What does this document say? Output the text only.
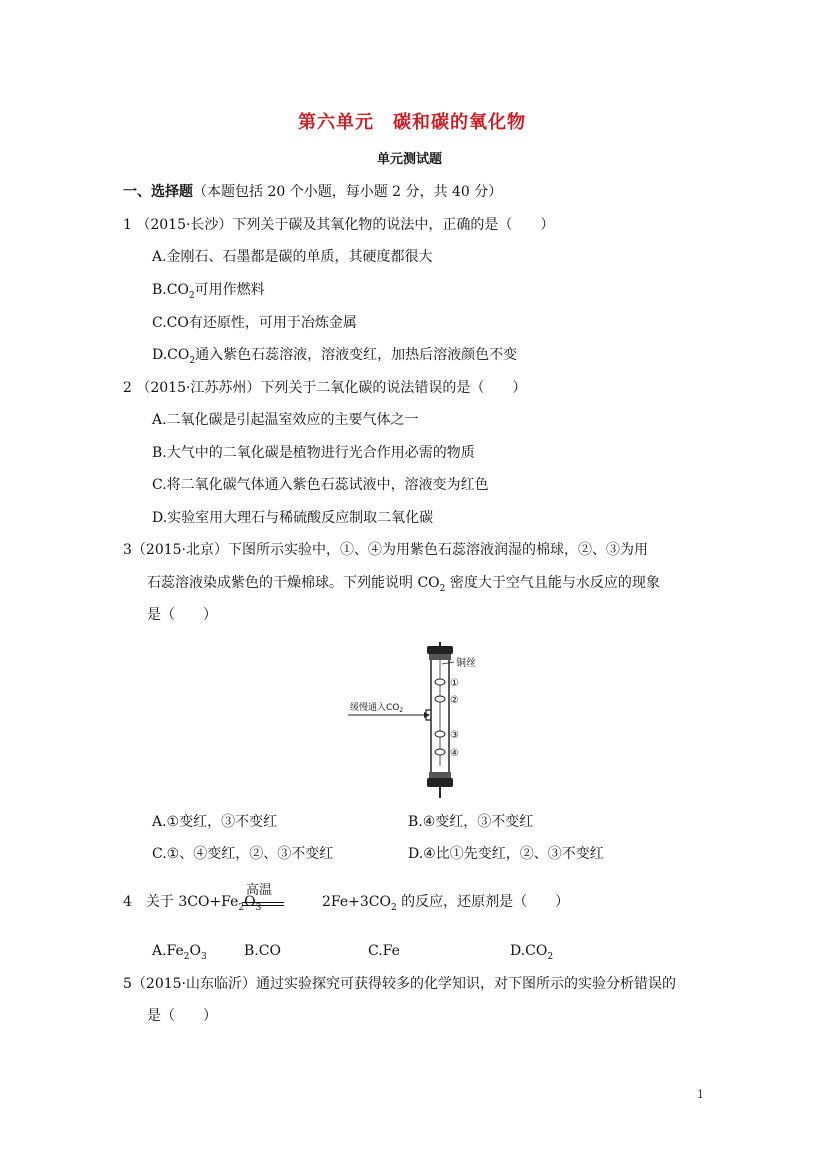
第六单元　碳和碳的氧化物
单元测试题
一、选择题（本题包括 20 个小题，每小题 2 分，共 40 分）
1 （2015·长沙）下列关于碳及其氧化物的说法中，正确的是（　　）
A.金刚石、石墨都是碳的单质，其硬度都很大
$B.CO_2$可用作燃料
C.CO有还原性，可用于冶炼金属
$D.CO_2$通入紫色石蕊溶液，溶液变红，加热后溶液颜色不变
2 （2015·江苏苏州）下列关于二氧化碳的说法错误的是（　　）
A.二氧化碳是引起温室效应的主要气体之一
B.大气中的二氧化碳是植物进行光合作用必需的物质
C.将二氧化碳气体通入紫色石蕊试液中，溶液变为红色
D.实验室用大理石与稀硫酸反应制取二氧化碳
3（2015·北京）下图所示实验中，①、④为用紫色石蕊溶液润湿的棉球，②、③为用
石蕊溶液染成紫色的干燥棉球。下列能说明 $CO_2$ 密度大于空气且能与水反应的现象
是（　　）
铜丝
①
②
③
④
缓慢通入$CO_2$
A.①变红，③不变红	B.④变红，③不变红
C.①、④变红，②、③不变红	D.④比①先变红，②、③不变红
4　关于 $3CO+Fe_2O_3$
高温
$2Fe+3CO_2$ 的反应，还原剂是（　　）
$A.Fe_2O_3$	B.CO	C.Fe	$D.CO_2$
5（2015·山东临沂）通过实验探究可获得较多的化学知识，对下图所示的实验分析错误的
是（　　）
1
